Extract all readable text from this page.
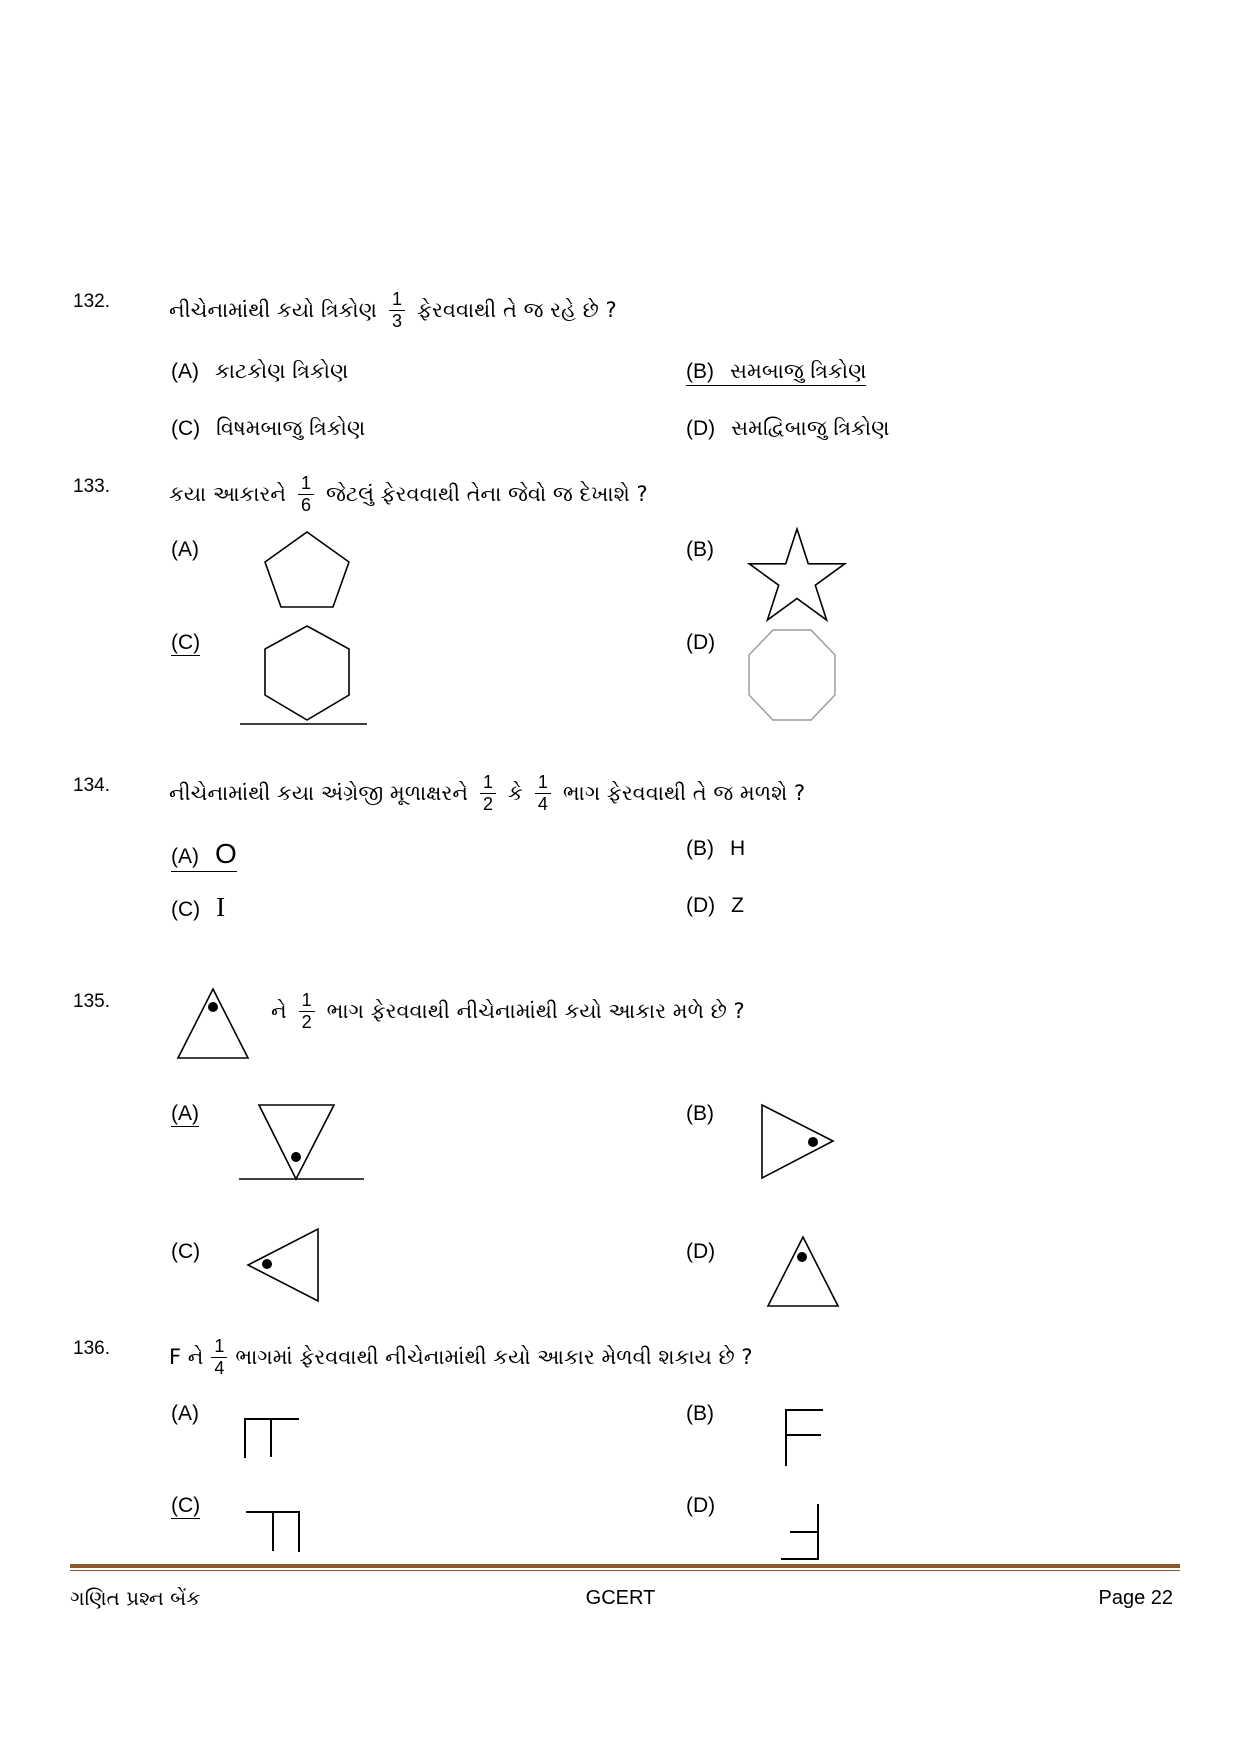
132.	નીચેનામાંથી કયો ત્રિકોણ $\frac{1}{3}$ ફેરવવાથી તે જ રહે છે ?
(A) કાટકોણ ત્રિકોણ	(B) સમબાજુ ત્રિકોણ
(C) વિષમબાજુ ત્રિકોણ	(D) સમદ્વિબાજુ ત્રિકોણ
133.	કયા આકારને $\frac{1}{6}$ જેટલું ફેરવવાથી તેના જેવો જ દેખાશે ?
(A)	(B)
(C)	(D)
134.	નીચેનામાંથી કયા અંગ્રેજી મૂળાક્ષરને $\frac{1}{2}$ કે $\frac{1}{4}$ ભાગ ફેરવવાથી તે જ મળશે ?
(A) O	(B) H
(C) I	(D) Z
135.	ને $\frac{1}{2}$ ભાગ ફેરવવાથી નીચેનામાંથી કયો આકાર મળે છે ?
(A)	(B)
(C)	(D)
136.	F ને $\frac{1}{4}$ ભાગમાં ફેરવવાથી નીચેનામાંથી કયો આકાર મેળવી શકાય છે ?
(A)	(B)
(C)	(D)
ગણિત પ્રશ્ન બેંક	GCERT	Page 22
